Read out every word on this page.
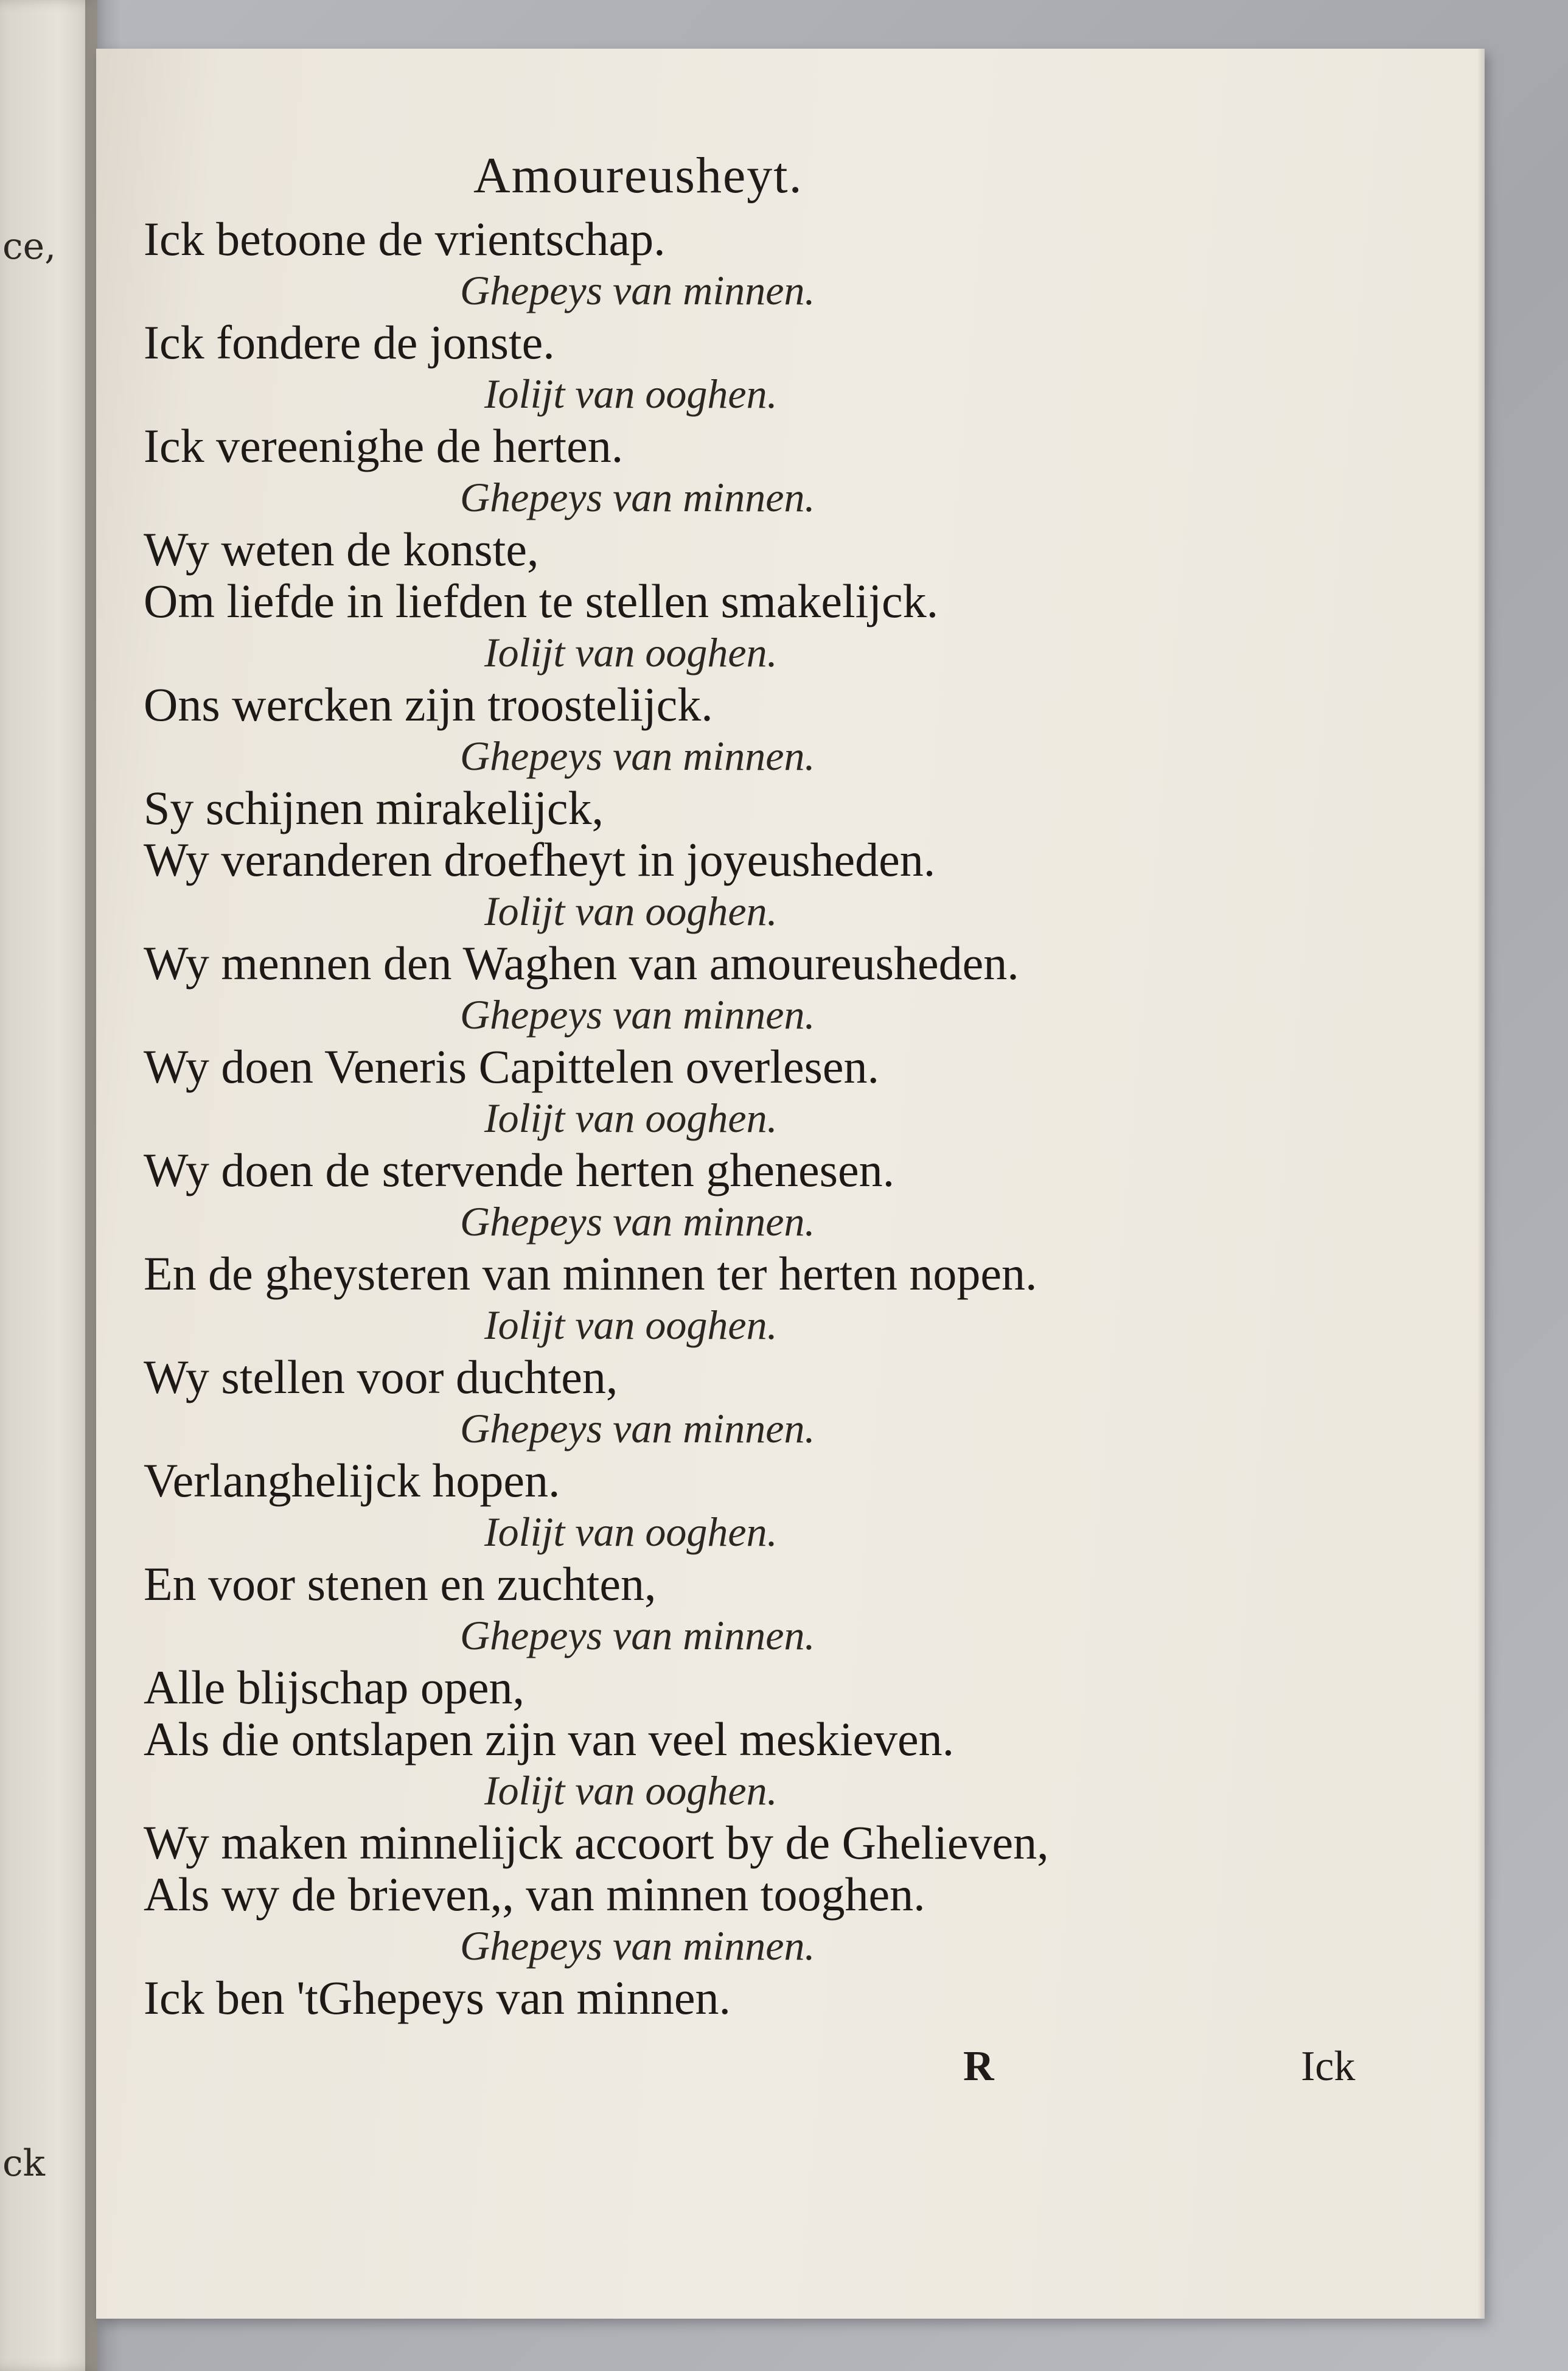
ce,
ck
Amoureusheyt.
Ick betoone de vrientschap.
Ghepeys van minnen.
Ick fondere de jonste.
Iolijt van ooghen.
Ick vereenighe de herten.
Ghepeys van minnen.
Wy weten de konste,
Om liefde in liefden te stellen smakelijck.
Iolijt van ooghen.
Ons wercken zijn troostelijck.
Ghepeys van minnen.
Sy schijnen mirakelijck,
Wy veranderen droefheyt in joyeusheden.
Iolijt van ooghen.
Wy mennen den Waghen van amoureusheden.
Ghepeys van minnen.
Wy doen Veneris Capittelen overlesen.
Iolijt van ooghen.
Wy doen de stervende herten ghenesen.
Ghepeys van minnen.
En de gheysteren van minnen ter herten nopen.
Iolijt van ooghen.
Wy stellen voor duchten,
Ghepeys van minnen.
Verlanghelijck hopen.
Iolijt van ooghen.
En voor stenen en zuchten,
Ghepeys van minnen.
Alle blijschap open,
Als die ontslapen zijn van veel meskieven.
Iolijt van ooghen.
Wy maken minnelijck accoort by de Ghelieven,
Als wy de brieven,, van minnen tooghen.
Ghepeys van minnen.
Ick ben 'tGhepeys van minnen.
R	Ick
